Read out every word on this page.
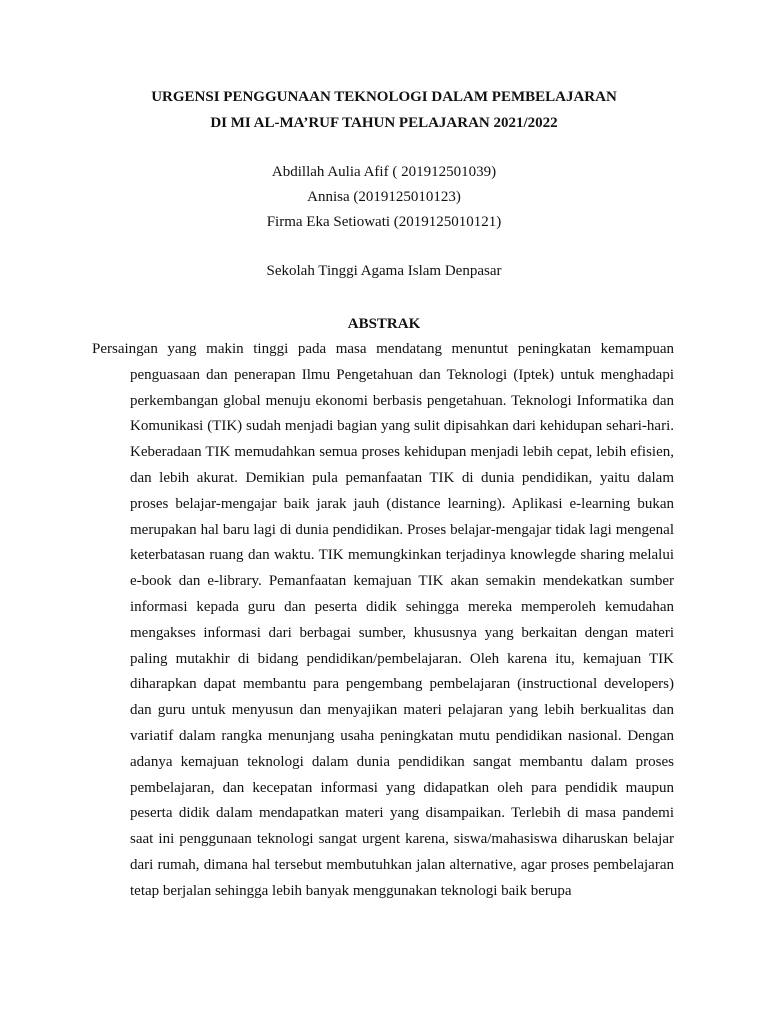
URGENSI PENGGUNAAN TEKNOLOGI DALAM PEMBELAJARAN
DI MI AL-MA’RUF TAHUN PELAJARAN 2021/2022
Abdillah Aulia Afif ( 201912501039)
Annisa (2019125010123)
Firma Eka Setiowati (2019125010121)
Sekolah Tinggi Agama Islam Denpasar
ABSTRAK

Persaingan yang makin tinggi pada masa mendatang menuntut peningkatan kemampuan penguasaan dan penerapan Ilmu Pengetahuan dan Teknologi (Iptek) untuk menghadapi perkembangan global menuju ekonomi berbasis pengetahuan. Teknologi Informatika dan Komunikasi (TIK) sudah menjadi bagian yang sulit dipisahkan dari kehidupan sehari-hari. Keberadaan TIK memudahkan semua proses kehidupan menjadi lebih cepat, lebih efisien, dan lebih akurat. Demikian pula pemanfaatan TIK di dunia pendidikan, yaitu dalam proses belajar-mengajar baik jarak jauh (distance learning). Aplikasi e-learning bukan merupakan hal baru lagi di dunia pendidikan. Proses belajar-mengajar tidak lagi mengenal keterbatasan ruang dan waktu. TIK memungkinkan terjadinya knowlegde sharing melalui e-book dan e-library. Pemanfaatan kemajuan TIK akan semakin mendekatkan sumber informasi kepada guru dan peserta didik sehingga mereka memperoleh kemudahan mengakses informasi dari berbagai sumber, khususnya yang berkaitan dengan materi paling mutakhir di bidang pendidikan/pembelajaran. Oleh karena itu, kemajuan TIK diharapkan dapat membantu para pengembang pembelajaran (instructional developers) dan guru untuk menyusun dan menyajikan materi pelajaran yang lebih berkualitas dan variatif dalam rangka menunjang usaha peningkatan mutu pendidikan nasional. Dengan adanya kemajuan teknologi dalam dunia pendidikan sangat membantu dalam proses pembelajaran, dan kecepatan informasi yang didapatkan oleh para pendidik maupun peserta didik dalam mendapatkan materi yang disampaikan. Terlebih di masa pandemi saat ini penggunaan teknologi sangat urgent karena, siswa/mahasiswa diharuskan belajar dari rumah, dimana hal tersebut membutuhkan jalan alternative, agar proses pembelajaran tetap berjalan sehingga lebih banyak menggunakan teknologi baik berupa
